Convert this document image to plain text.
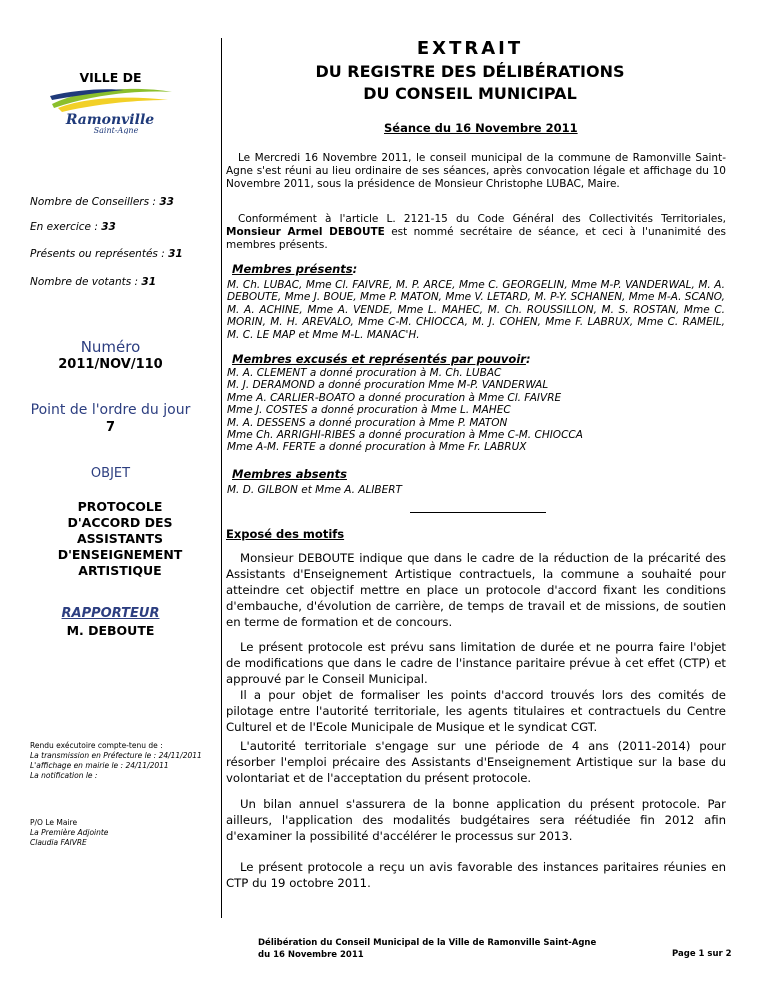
VILLE DE
Ramonville
Saint-Agne
Nombre de Conseillers : 33
En exercice : 33
Présents ou représentés : 31
Nombre de votants : 31
Numéro
2011/NOV/110
Point de l'ordre du jour
7
OBJET
PROTOCOLE D'ACCORD DES ASSISTANTS D'ENSEIGNEMENT ARTISTIQUE
RAPPORTEUR
M. DEBOUTE
Rendu exécutoire compte-tenu de :
La transmission en Préfecture le : 24/11/2011
L'affichage en mairie le : 24/11/2011
La notification le :
P/O Le Maire
La Première Adjointe
Claudia FAIVRE
EXTRAIT
DU REGISTRE DES DÉLIBÉRATIONS
DU CONSEIL MUNICIPAL
Séance du 16 Novembre 2011
Le Mercredi 16 Novembre 2011, le conseil municipal de la commune de Ramonville Saint-Agne s'est réuni au lieu ordinaire de ses séances, après convocation légale et affichage du 10 Novembre 2011, sous la présidence de Monsieur Christophe LUBAC, Maire.
Conformément à l'article L. 2121-15 du Code Général des Collectivités Territoriales, Monsieur Armel DEBOUTE est nommé secrétaire de séance, et ceci à l'unanimité des membres présents.
Membres présents:
M. Ch. LUBAC, Mme Cl. FAIVRE, M. P. ARCE, Mme C. GEORGELIN, Mme M-P. VANDERWAL, M. A. DEBOUTE, Mme J. BOUE, Mme P. MATON, Mme V. LETARD, M. P-Y. SCHANEN, Mme M-A. SCANO, M. A. ACHINE, Mme A. VENDE, Mme L. MAHEC, M. Ch. ROUSSILLON, M. S. ROSTAN, Mme C. MORIN, M. H. AREVALO, Mme C-M. CHIOCCA, M. J. COHEN, Mme F. LABRUX, Mme C. RAMEIL, M. C. LE MAP et Mme M-L. MANAC'H.
Membres excusés et représentés par pouvoir:
M. A. CLEMENT a donné procuration à M. Ch. LUBAC
M. J. DERAMOND a donné procuration Mme M-P. VANDERWAL
Mme A. CARLIER-BOATO a donné procuration à Mme Cl. FAIVRE
Mme J. COSTES a donné procuration à Mme L. MAHEC
M. A. DESSENS a donné procuration à Mme P. MATON
Mme Ch. ARRIGHI-RIBES a donné procuration à Mme C-M. CHIOCCA
Mme A-M. FERTE a donné procuration à Mme Fr. LABRUX
Membres absents
M. D. GILBON et Mme A. ALIBERT
Exposé des motifs

Monsieur DEBOUTE indique que dans le cadre de la réduction de la précarité des Assistants d'Enseignement Artistique contractuels, la commune a souhaité pour atteindre cet objectif mettre en place un protocole d'accord fixant les conditions d'embauche, d'évolution de carrière, de temps de travail et de missions, de soutien en terme de formation et de concours.

Le présent protocole est prévu sans limitation de durée et ne pourra faire l'objet de modifications que dans le cadre de l'instance paritaire prévue à cet effet (CTP) et approuvé par le Conseil Municipal.

Il a pour objet de formaliser les points d'accord trouvés lors des comités de pilotage entre l'autorité territoriale, les agents titulaires et contractuels du Centre Culturel et de l'Ecole Municipale de Musique et le syndicat CGT.

L'autorité territoriale s'engage sur une période de 4 ans (2011-2014) pour résorber l'emploi précaire des Assistants d'Enseignement Artistique sur la base du volontariat et de l'acceptation du présent protocole.

Un bilan annuel s'assurera de la bonne application du présent protocole. Par ailleurs, l'application des modalités budgétaires sera réétudiée fin 2012 afin d'examiner la possibilité d'accélérer le processus sur 2013.

Le présent protocole a reçu un avis favorable des instances paritaires réunies en CTP du 19 octobre 2011.

Délibération du Conseil Municipal de la Ville de Ramonville Saint-Agne
du 16 Novembre 2011	Page 1 sur 2
